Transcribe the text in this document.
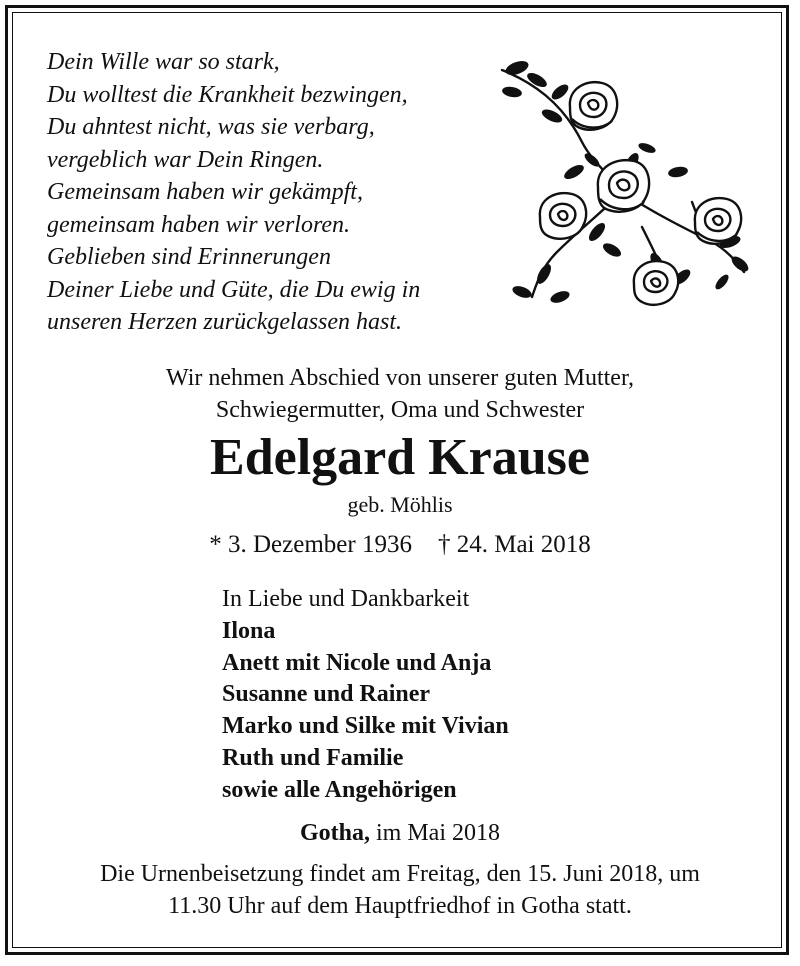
Dein Wille war so stark,
Du wolltest die Krankheit bezwingen,
Du ahntest nicht, was sie verbarg,
vergeblich war Dein Ringen.
Gemeinsam haben wir gekämpft,
gemeinsam haben wir verloren.
Geblieben sind Erinnerungen
Deiner Liebe und Güte, die Du ewig in
unseren Herzen zurückgelassen hast.
Wir nehmen Abschied von unserer guten Mutter,
Schwiegermutter, Oma und Schwester
Edelgard Krause
geb. Möhlis
* 3. Dezember 1936 † 24. Mai 2018
In Liebe und Dankbarkeit
Ilona
Anett mit Nicole und Anja
Susanne und Rainer
Marko und Silke mit Vivian
Ruth und Familie
sowie alle Angehörigen
Gotha, im Mai 2018
Die Urnenbeisetzung findet am Freitag, den 15. Juni 2018, um
11.30 Uhr auf dem Hauptfriedhof in Gotha statt.
